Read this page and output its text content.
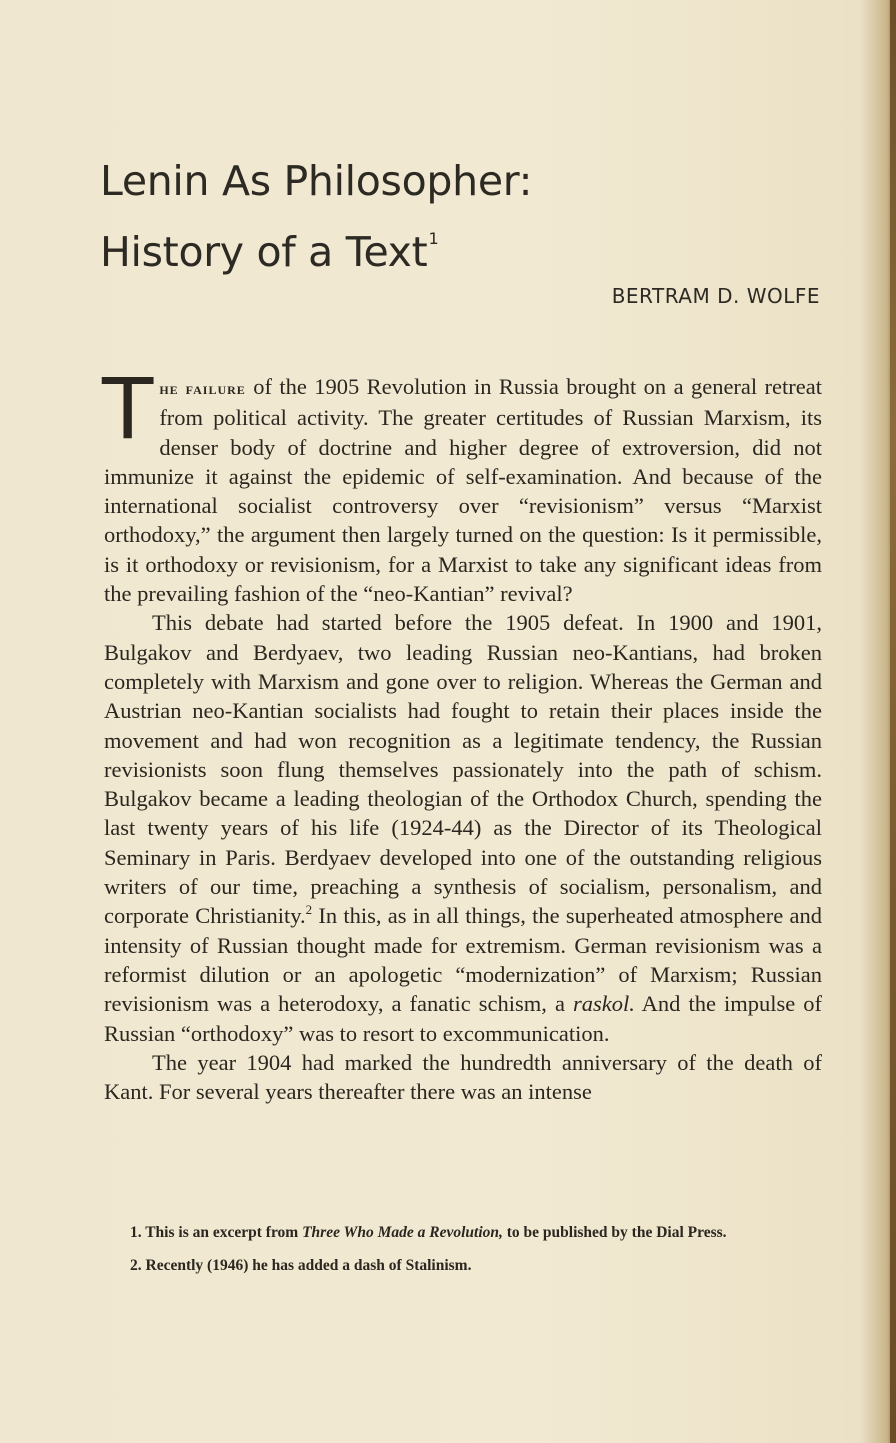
Lenin As Philosopher:
History of a Text$^1$
BERTRAM D. WOLFE

The failure of the 1905 Revolution in Russia brought on a general retreat from political activity. The greater certitudes of Russian Marxism, its denser body of doctrine and higher degree of extroversion, did not immunize it against the epidemic of self-examination. And because of the international socialist controversy over “revisionism” versus “Marxist orthodoxy,” the argument then largely turned on the question: Is it permissible, is it orthodoxy or revisionism, for a Marxist to take any significant ideas from the prevailing fashion of the “neo-Kantian” revival?

This debate had started before the 1905 defeat. In 1900 and 1901, Bulgakov and Berdyaev, two leading Russian neo-Kantians, had broken completely with Marxism and gone over to religion. Whereas the German and Austrian neo-Kantian socialists had fought to retain their places inside the movement and had won recognition as a legitimate tendency, the Russian revisionists soon flung themselves passionately into the path of schism. Bulgakov became a leading theologian of the Orthodox Church, spending the last twenty years of his life (1924-44) as the Director of its Theological Seminary in Paris. Berdyaev developed into one of the outstanding religious writers of our time, preaching a synthesis of socialism, personalism, and corporate Christianity.$^2$ In this, as in all things, the superheated atmosphere and intensity of Russian thought made for extremism. German revisionism was a reformist dilution or an apologetic “modernization” of Marxism; Russian revisionism was a heterodoxy, a fanatic schism, a raskol. And the impulse of Russian “orthodoxy” was to resort to excommunication.

The year 1904 had marked the hundredth anniversary of the death of Kant. For several years thereafter there was an intense

1. This is an excerpt from Three Who Made a Revolution, to be published by the Dial Press.

2. Recently (1946) he has added a dash of Stalinism.
